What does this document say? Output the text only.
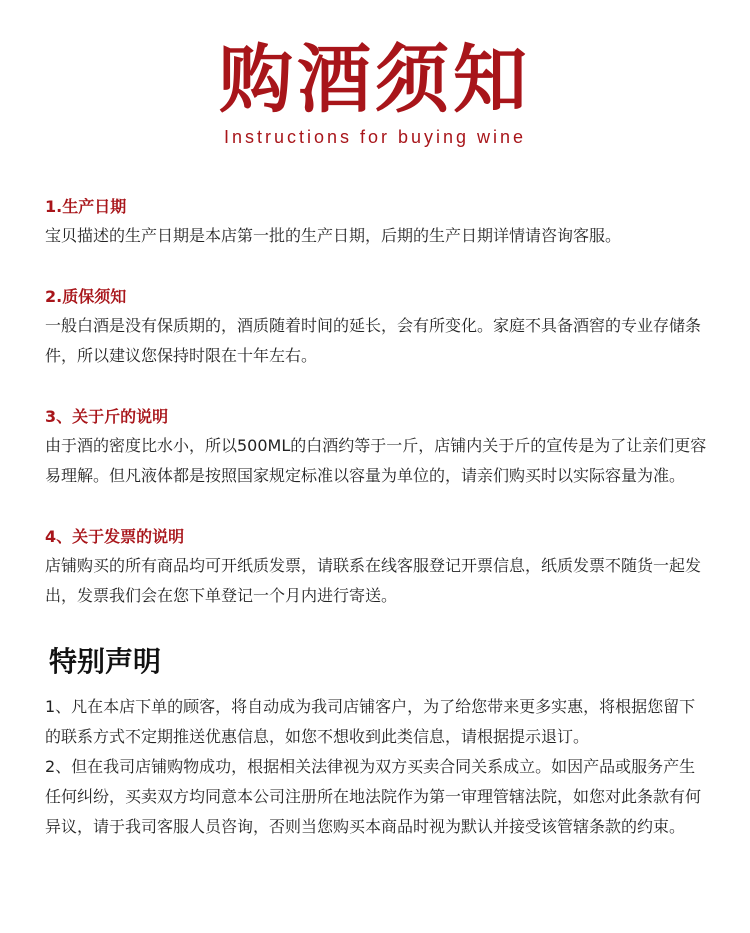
购酒须知
Instructions for buying wine
1.生产日期
宝贝描述的生产日期是本店第一批的生产日期，后期的生产日期详情请咨询客服。
2.质保须知
一般白酒是没有保质期的，酒质随着时间的延长，会有所变化。家庭不具备酒窖的专业存储条件，所以建议您保持时限在十年左右。
3、关于斤的说明
由于酒的密度比水小，所以500ML的白酒约等于一斤，店铺内关于斤的宣传是为了让亲们更容易理解。但凡液体都是按照国家规定标准以容量为单位的，请亲们购买时以实际容量为准。
4、关于发票的说明
店铺购买的所有商品均可开纸质发票，请联系在线客服登记开票信息，纸质发票不随货一起发出，发票我们会在您下单登记一个月内进行寄送。
特别声明
1、凡在本店下单的顾客，将自动成为我司店铺客户，为了给您带来更多实惠，将根据您留下的联系方式不定期推送优惠信息，如您不想收到此类信息，请根据提示退订。
2、但在我司店铺购物成功，根据相关法律视为双方买卖合同关系成立。如因产品或服务产生任何纠纷，买卖双方均同意本公司注册所在地法院作为第一审理管辖法院，如您对此条款有何异议，请于我司客服人员咨询，否则当您购买本商品时视为默认并接受该管辖条款的约束。
